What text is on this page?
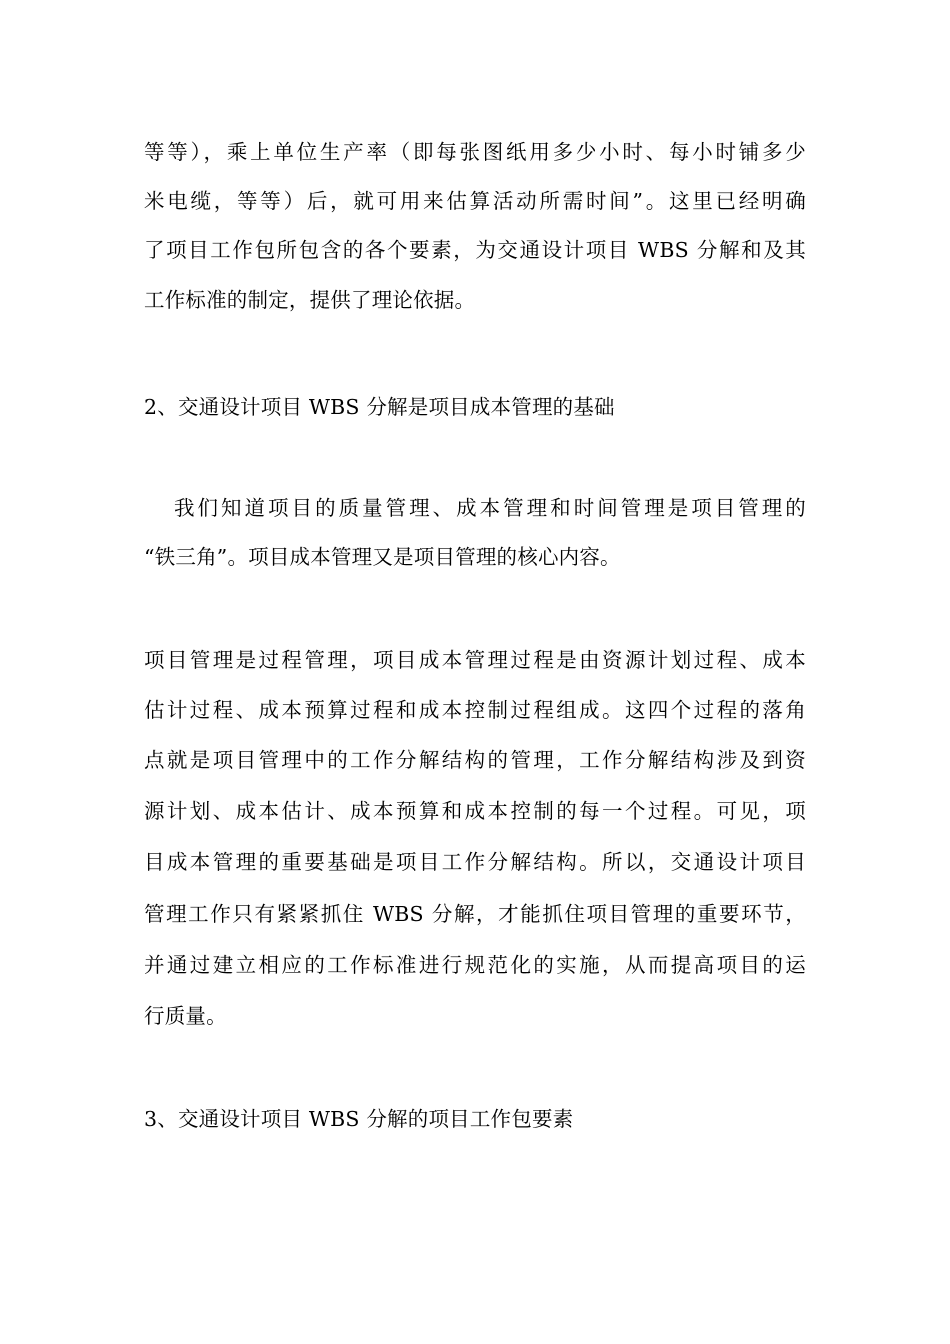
等等），乘上单位生产率（即每张图纸用多少小时、每小时铺多少
米电缆，等等）后，就可用来估算活动所需时间”。这里已经明确
了项目工作包所包含的各个要素，为交通设计项目 WBS 分解和及其
工作标准的制定，提供了理论依据。
2、交通设计项目 WBS 分解是项目成本管理的基础
我们知道项目的质量管理、成本管理和时间管理是项目管理的
“铁三角”。项目成本管理又是项目管理的核心内容。
项目管理是过程管理，项目成本管理过程是由资源计划过程、成本
估计过程、成本预算过程和成本控制过程组成。这四个过程的落角
点就是项目管理中的工作分解结构的管理，工作分解结构涉及到资
源计划、成本估计、成本预算和成本控制的每一个过程。可见，项
目成本管理的重要基础是项目工作分解结构。所以，交通设计项目
管理工作只有紧紧抓住 WBS 分解，才能抓住项目管理的重要环节，
并通过建立相应的工作标准进行规范化的实施，从而提高项目的运
行质量。
3、交通设计项目 WBS 分解的项目工作包要素
